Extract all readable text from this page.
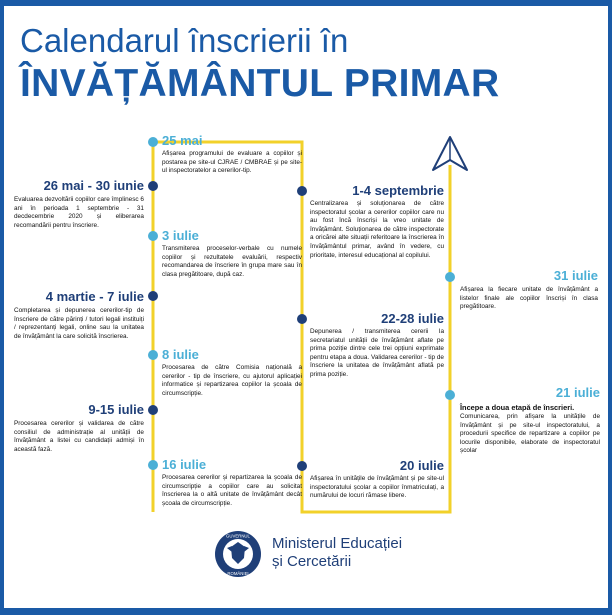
Calendarul înscrierii în
ÎNVĂȚĂMÂNTUL PRIMAR
25 mai
Afișarea programului de evaluare a copiilor și postarea pe site-ul CJRAE / CMBRAE și pe site-ul inspectoratelor a cererilor-tip.
26 mai - 30 iunie
Evaluarea dezvoltării copiilor care împlinesc 6 ani în perioada 1 septembrie - 31 decdecembrie 2020 și eliberarea recomandării pentru înscriere.
3 iulie
Transmiterea proceselor-verbale cu numele copiilor și rezultatele evaluării, respectiv recomandarea de înscriere în grupa mare sau în clasa pregătitoare, după caz.
4 martie - 7 iulie
Completarea și depunerea cererilor-tip de înscriere de către părinți / tutori legali instituiți / reprezentanți legali, online sau la unitatea de învățământ la care solicită înscrierea.
8 iulie
Procesarea de către Comisia națională a cererilor - tip de înscriere, cu ajutorul aplicației informatice și repartizarea copiilor la școala de circumscripție.
9-15 iulie
Procesarea cererilor și validarea de către consiliul de administrație al unității de învățământ a listei cu candidații admiși în această fază.
16 iulie
Procesarea cererilor și repartizarea la școala de circumscripție a copiilor care au solicitat înscrierea la o altă unitate de învățământ decât școala de circumscripție.
1-4 septembrie
Centralizarea și soluționarea de către inspectoratul școlar a cererilor copiilor care nu au fost încă înscriși la vreo unitate de învățământ. Soluționarea de către inspectorate a oricărei alte situații referitoare la înscrierea în învățământul primar, având în vedere, cu prioritate, interesul educațional al copilului.
22-28 iulie
Depunerea / transmiterea cererii la secretariatul unității de învățământ aflate pe prima poziție dintre cele trei opțiuni exprimate pentru etapa a doua. Validarea cererilor - tip de înscriere la unitatea de învățământ aflată pe prima poziție.
20 iulie
Afișarea în unitățile de învățământ și pe site-ul inspectoratului școlar a copiilor înmatriculați, a numărului de locuri rămase libere.
31 iulie
Afișarea la fiecare unitate de învățământ a listelor finale ale copiilor înscriși în clasa pregătitoare.
21 iulie
Începe a doua etapă de înscrieri.
Comunicarea, prin afișare la unitățile de învățământ și pe site-ul inspectoratului, a procedurii specifice de repartizare a copiilor pe locurile disponibile, elaborate de inspectoratul școlar
GUVERNUL
ROMÂNIEI
Ministerul Educației
și Cercetării
